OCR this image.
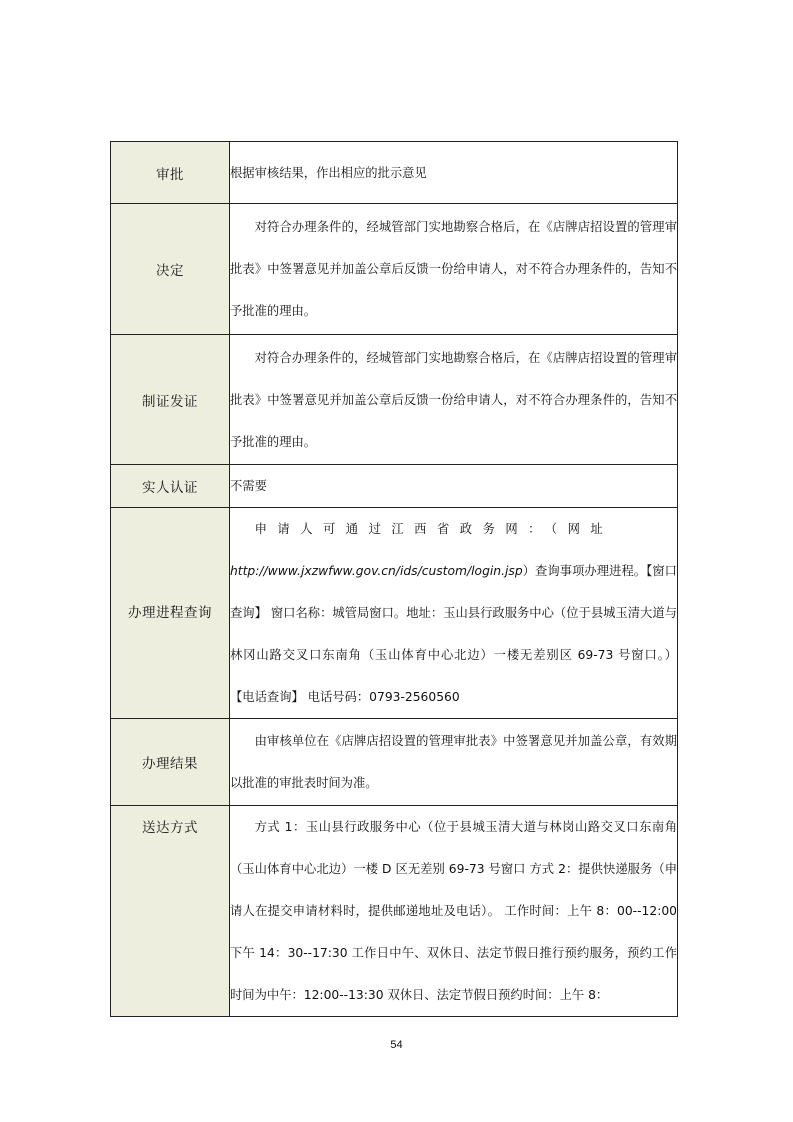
审批	根据审核结果，作出相应的批示意见

决定	对符合办理条件的，经城管部门实地勘察合格后，在《店牌店招设置的管理审批表》中签署意见并加盖公章后反馈一份给申请人，对不符合办理条件的，告知不予批准的理由。

制证发证	对符合办理条件的，经城管部门实地勘察合格后，在《店牌店招设置的管理审批表》中签署意见并加盖公章后反馈一份给申请人，对不符合办理条件的，告知不予批准的理由。

实人认证	不需要

办理进程查询	申请人可通过江西省政务网：（网址
http://www.jxzwfww.gov.cn/ids/custom/login.jsp）查询事项办理进程。【窗口查询】 窗口名称：城管局窗口。地址：玉山县行政服务中心（位于县城玉清大道与林冈山路交叉口东南角（玉山体育中心北边）一楼无差别区 69-73 号窗口。） 【电话查询】 电话号码：0793-2560560

办理结果	由审核单位在《店牌店招设置的管理审批表》中签署意见并加盖公章，有效期以批准的审批表时间为准。

送达方式	方式 1：玉山县行政服务中心（位于县城玉清大道与林岗山路交叉口东南角（玉山体育中心北边）一楼 D 区无差别 69-73 号窗口 方式 2：提供快递服务（申请人在提交申请材料时，提供邮递地址及电话）。 工作时间：上午 8：00--12:00 下午 14：30--17:30 工作日中午、双休日、法定节假日推行预约服务，预约工作时间为中午：12:00--13:30 双休日、法定节假日预约时间：上午 8：

54
